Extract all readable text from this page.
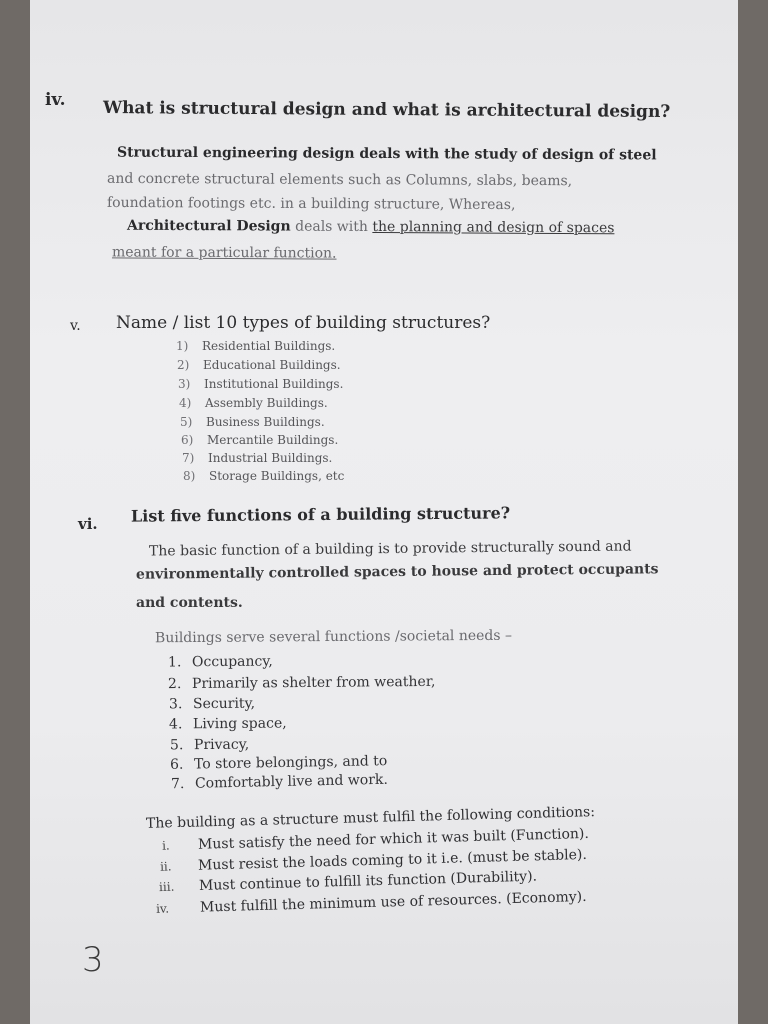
iv. What is structural design and what is architectural design?
Structural engineering design deals with the study of design of steel
and concrete structural elements such as Columns, slabs, beams,
foundation footings etc. in a building structure, Whereas,
Architectural Design deals with the planning and design of spaces
meant for a particular function.
v. Name / list 10 types of building structures?
1) Residential Buildings.
2) Educational Buildings.
3) Institutional Buildings.
4) Assembly Buildings.
5) Business Buildings.
6) Mercantile Buildings.
7) Industrial Buildings.
8) Storage Buildings, etc
vi. List five functions of a building structure?
The basic function of a building is to provide structurally sound and
environmentally controlled spaces to house and protect occupants
and contents.
Buildings serve several functions /societal needs –
1. Occupancy,
2. Primarily as shelter from weather,
3. Security,
4. Living space,
5. Privacy,
6. To store belongings, and to
7. Comfortably live and work.
The building as a structure must fulfil the following conditions:
i. Must satisfy the need for which it was built (Function).
ii. Must resist the loads coming to it i.e. (must be stable).
iii. Must continue to fulfill its function (Durability).
iv. Must fulfill the minimum use of resources. (Economy).
3
